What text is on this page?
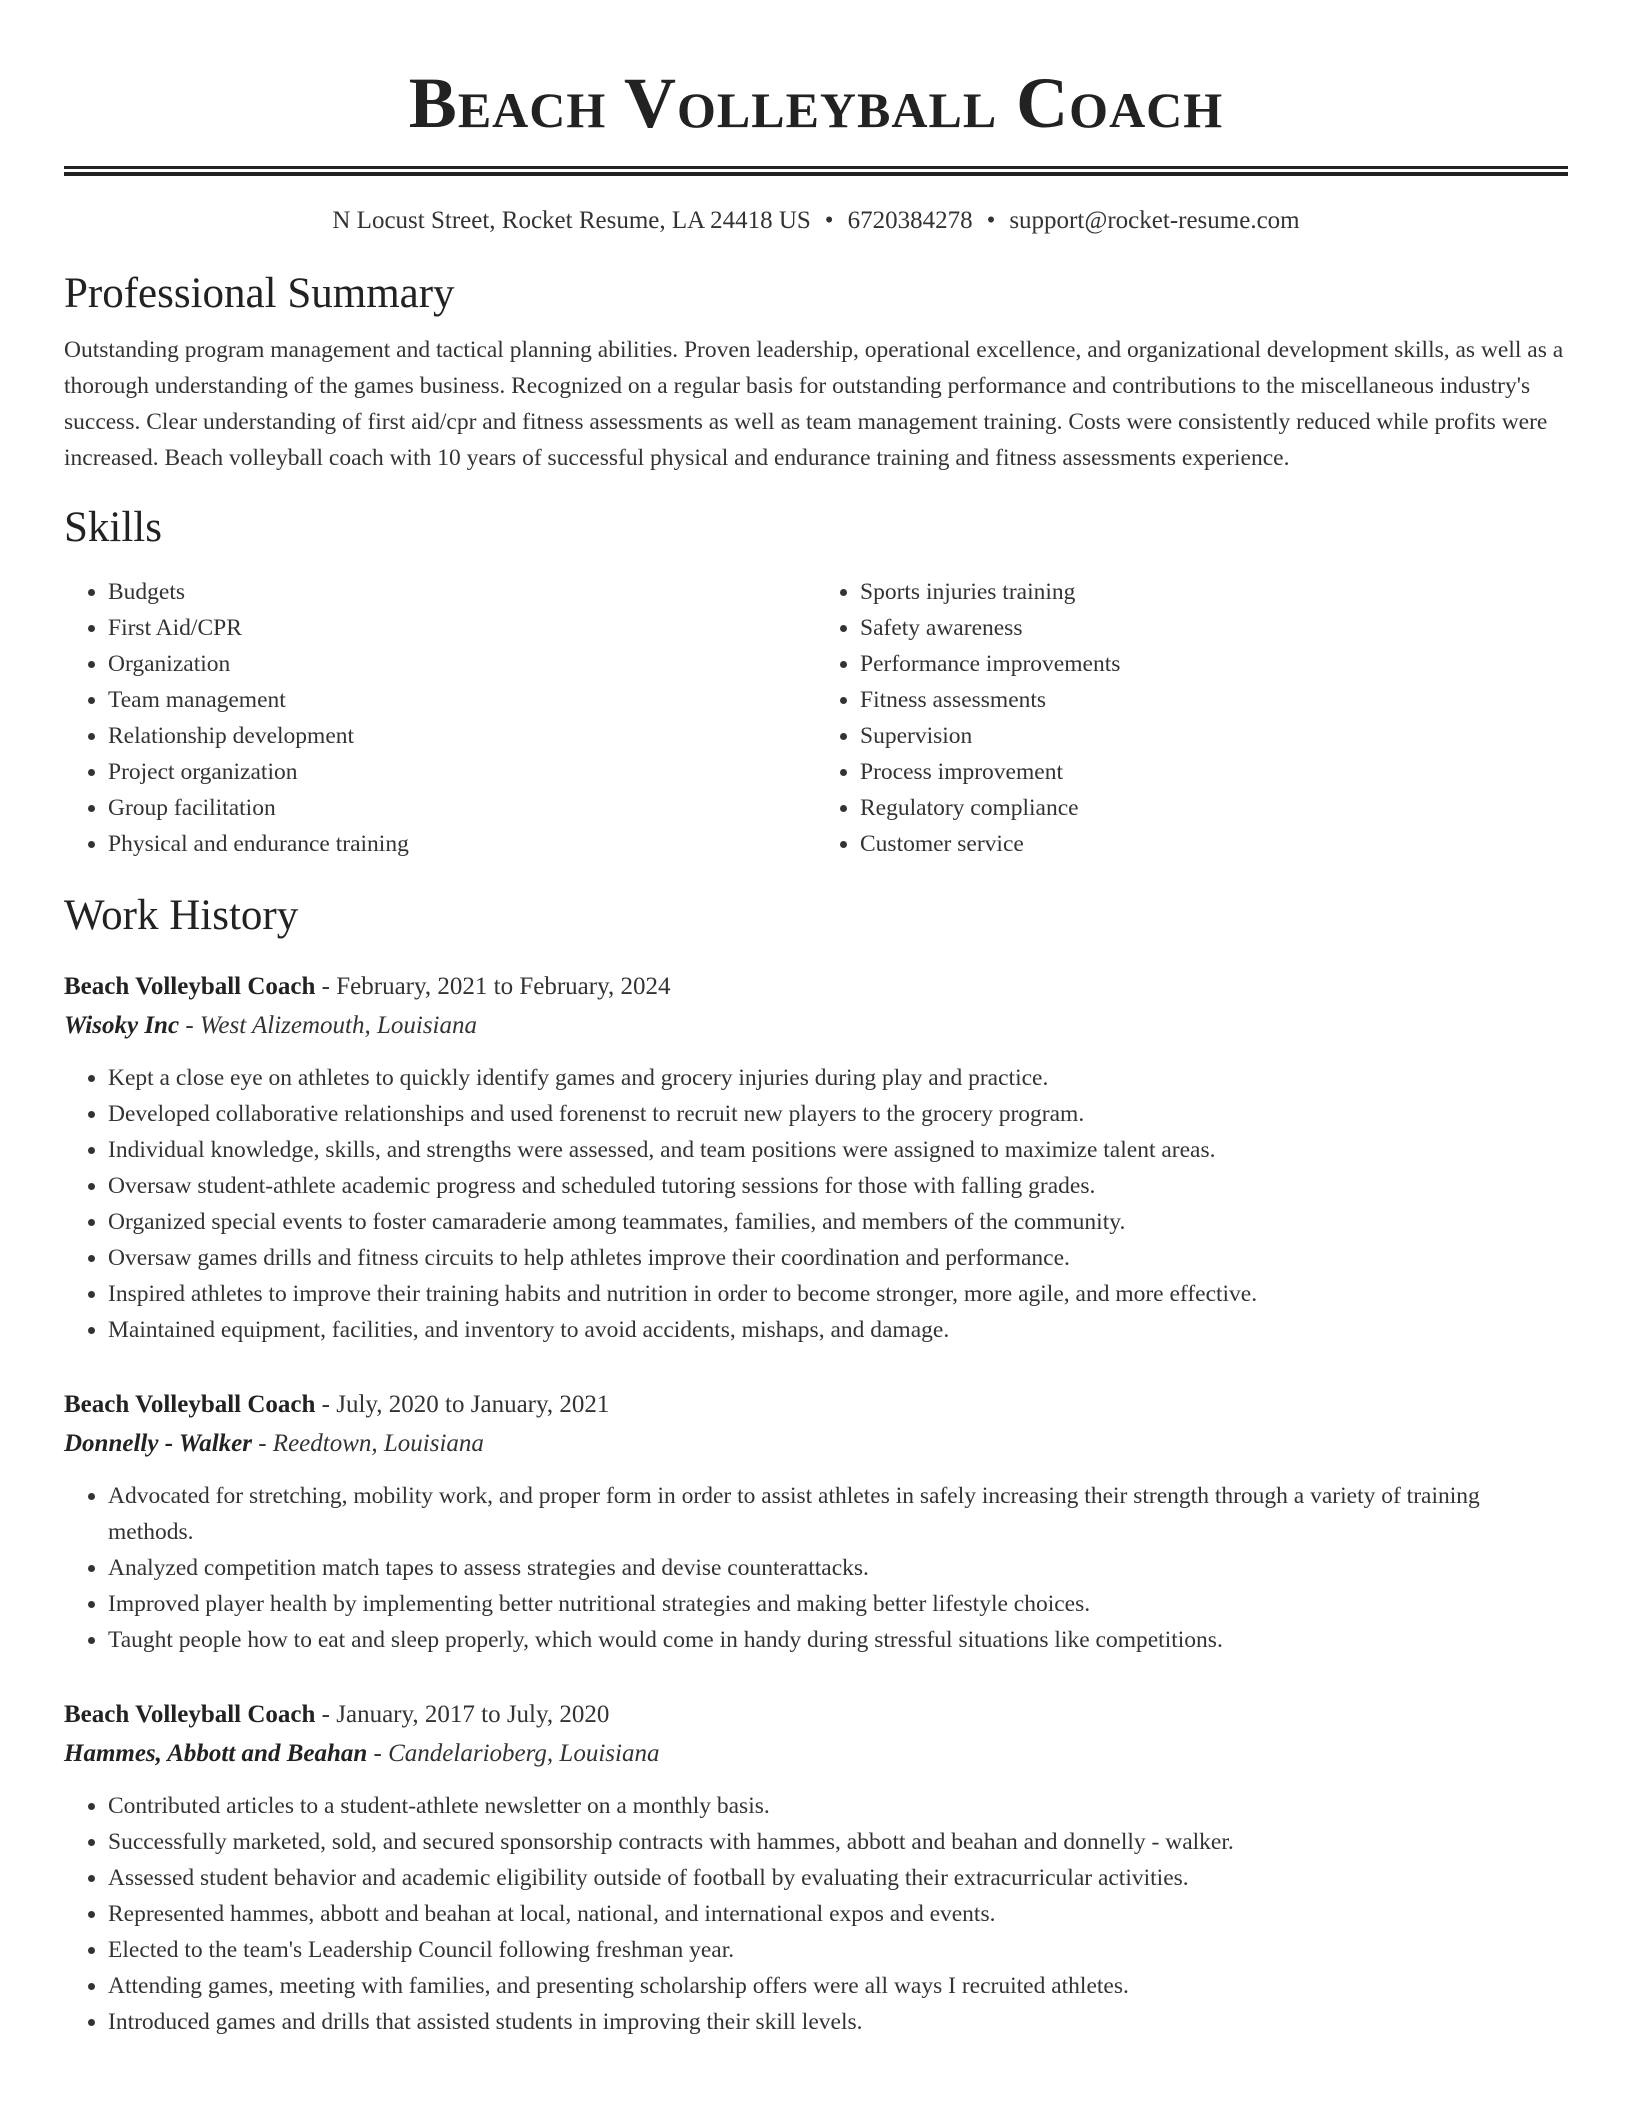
Beach Volleyball Coach
N Locust Street, Rocket Resume, LA 24418 US • 6720384278 • support@rocket-resume.com
Professional Summary

Outstanding program management and tactical planning abilities. Proven leadership, operational excellence, and organizational development skills, as well as a thorough understanding of the games business. Recognized on a regular basis for outstanding performance and contributions to the miscellaneous industry's success. Clear understanding of first aid/cpr and fitness assessments as well as team management training. Costs were consistently reduced while profits were increased. Beach volleyball coach with 10 years of successful physical and endurance training and fitness assessments experience.

Skills
• Budgets
• First Aid/CPR
• Organization
• Team management
• Relationship development
• Project organization
• Group facilitation
• Physical and endurance training
• Sports injuries training
• Safety awareness
• Performance improvements
• Fitness assessments
• Supervision
• Process improvement
• Regulatory compliance
• Customer service
Work History
Beach Volleyball Coach - February, 2021 to February, 2024
Wisoky Inc - West Alizemouth, Louisiana
• Kept a close eye on athletes to quickly identify games and grocery injuries during play and practice.
• Developed collaborative relationships and used forenenst to recruit new players to the grocery program.
• Individual knowledge, skills, and strengths were assessed, and team positions were assigned to maximize talent areas.
• Oversaw student-athlete academic progress and scheduled tutoring sessions for those with falling grades.
• Organized special events to foster camaraderie among teammates, families, and members of the community.
• Oversaw games drills and fitness circuits to help athletes improve their coordination and performance.
• Inspired athletes to improve their training habits and nutrition in order to become stronger, more agile, and more effective.
• Maintained equipment, facilities, and inventory to avoid accidents, mishaps, and damage.
Beach Volleyball Coach - July, 2020 to January, 2021
Donnelly - Walker - Reedtown, Louisiana
• Advocated for stretching, mobility work, and proper form in order to assist athletes in safely increasing their strength through a variety of training methods.
• Analyzed competition match tapes to assess strategies and devise counterattacks.
• Improved player health by implementing better nutritional strategies and making better lifestyle choices.
• Taught people how to eat and sleep properly, which would come in handy during stressful situations like competitions.
Beach Volleyball Coach - January, 2017 to July, 2020
Hammes, Abbott and Beahan - Candelarioberg, Louisiana
• Contributed articles to a student-athlete newsletter on a monthly basis.
• Successfully marketed, sold, and secured sponsorship contracts with hammes, abbott and beahan and donnelly - walker.
• Assessed student behavior and academic eligibility outside of football by evaluating their extracurricular activities.
• Represented hammes, abbott and beahan at local, national, and international expos and events.
• Elected to the team's Leadership Council following freshman year.
• Attending games, meeting with families, and presenting scholarship offers were all ways I recruited athletes.
• Introduced games and drills that assisted students in improving their skill levels.
